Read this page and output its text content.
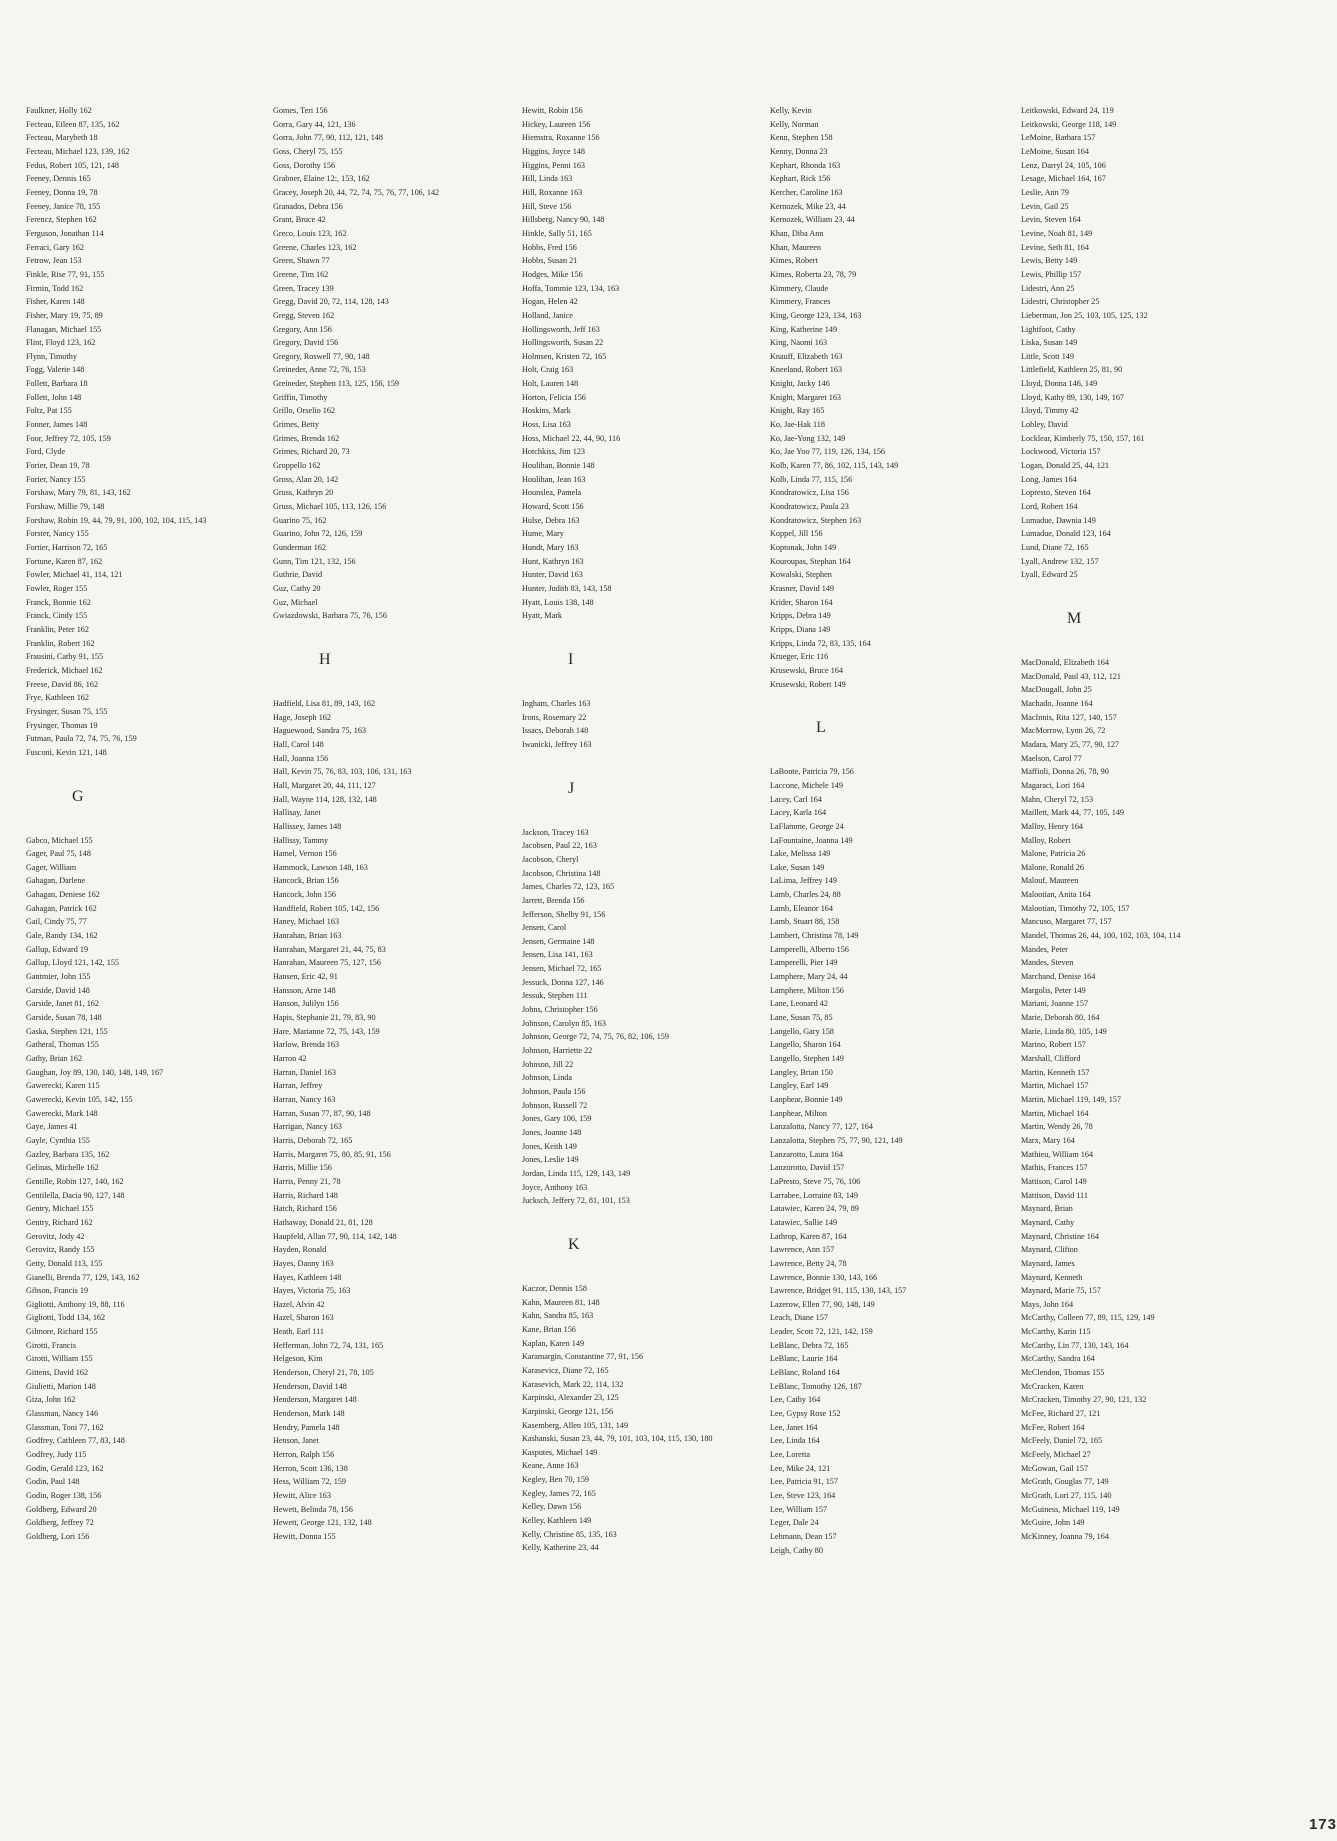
Faulkner, Holly 162
Fecteau, Eileen 87, 135, 162
Fecteau, Marybeth 18
Fecteau, Michael 123, 139, 162
Fedus, Robert 105, 121, 148
Feeney, Dennis 165
Feeney, Donna 19, 78
Feeney, Janice 78, 155
Ferencz, Stephen 162
Ferguson, Jonathan 114
Ferraci, Gary 162
Fetrow, Jean 153
Finkle, Rise 77, 91, 155
Firmin, Todd 162
Fisher, Karen 148
Fisher, Mary 19, 75, 89
Flanagan, Michael 155
Flint, Floyd 123, 162
Flynn, Timothy
Fogg, Valerie 148
Follett, Barbara 18
Follett, John 148
Foltz, Pat 155
Fonner, James 148
Foor, Jeffrey 72, 105, 159
Ford, Clyde
Forier, Dean 19, 78
Forier, Nancy 155
Forshaw, Mary 79, 81, 143, 162
Forshaw, Millie 79, 148
Forshaw, Robin 19, 44, 79, 91, 100, 102, 104, 115, 143
Forster, Nancy 155
Fortier, Harrison 72, 165
Fortune, Karen 87, 162
Fowler, Michael 41, 114, 121
Fowler, Roger 155
Franck, Bonnie 162
Franck, Cindy 155
Franklin, Peter 162
Franklin, Robert 162
Frausini, Cathy 91, 155
Frederick, Michael 162
Freese, David 86, 162
Frye, Kathleen 162
Frysinger, Susan 75, 155
Frysinger, Thomas 19
Futman, Paula 72, 74, 75, 76, 159
Fusconi, Kevin 121, 148
G
Gabco, Michael 155
Gager, Paul 75, 148
Gager, William
Gahagan, Darlene
Gahagan, Deniese 162
Gahagan, Patrick 162
Gail, Cindy 75, 77
Gale, Randy 134, 162
Gallup, Edward 19
Gallup, Lloyd 121, 142, 155
Gantmier, John 155
Garside, David 148
Garside, Janet 81, 162
Garside, Susan 78, 148
Gaska, Stephen 121, 155
Gatheral, Thomas 155
Gathy, Brian 162
Gaughan, Joy 89, 130, 140, 148, 149, 167
Gawerecki, Karen 115
Gawerecki, Kevin 105, 142, 155
Gawerecki, Mark 148
Gaye, James 41
Gayle, Cynthia 155
Gazley, Barbara 135, 162
Gelinas, Michelle 162
Gentille, Robin 127, 140, 162
Gentilella, Dacia 90, 127, 148
Gentry, Michael 155
Gentry, Richard 162
Gerovitz, Jody 42
Gerovitz, Randy 155
Getty, Donald 113, 155
Gianelli, Brenda 77, 129, 143, 162
Gibson, Francis 19
Gigliotti, Anthony 19, 88, 116
Gigliotti, Todd 134, 162
Gilmore, Richard 155
Girotti, Francis
Girotti, William 155
Gittens, David 162
Giulietti, Marion 148
Giza, John 162
Glassman, Nancy 146
Glassman, Toni 77, 162
Godfrey, Cathleen 77, 83, 148
Godfrey, Judy 115
Godin, Gerald 123, 162
Godin, Paul 148
Godin, Roger 138, 156
Goldberg, Edward 20
Goldberg, Jeffrey 72
Goldberg, Lori 156
Gomes, Teri 156
Gorra, Gary 44, 121, 136
Gorra, John 77, 90, 112, 121, 148
Goss, Cheryl 75, 155
Goss, Dorothy 156
Grabner, Elaine 12:, 153, 162
Gracey, Joseph 20, 44, 72, 74, 75, 76, 77, 106, 142
Granados, Debra 156
Grant, Bruce 42
Greco, Louis 123, 162
Greene, Charles 123, 162
Green, Shawn 77
Greene, Tim 162
Green, Tracey 139
Gregg, David 20, 72, 114, 128, 143
Gregg, Steven 162
Gregory, Ann 156
Gregory, David 156
Gregory, Roswell 77, 90, 148
Greineder, Anne 72, 76, 153
Greineder, Stephen 113, 125, 156, 159
Griffin, Timothy
Grillo, Orselio 162
Grimes, Betty
Grimes, Brenda 162
Grimes, Richard 20, 73
Groppello 162
Gross, Alan 20, 142
Gruss, Kathryn 20
Gruss, Michael 105, 113, 126, 156
Guarino 75, 162
Guarino, John 72, 126, 159
Gunderman 162
Gunn, Tim 121, 132, 156
Guthrie, David
Guz, Cathy 20
Guz, Michael
Gwiazdowski, Barbara 75, 76, 156
H
Hadfield, Lisa 81, 89, 143, 162
Hage, Joseph 162
Haguewood, Sandra 75, 163
Hall, Carol 148
Hall, Joanna 156
Hall, Kevin 75, 76, 83, 103, 106, 131, 163
Hall, Margaret 20, 44, 111, 127
Hall, Wayne 114, 128, 132, 148
Hallisay, Janet
Hallissey, James 148
Hallissy, Tammy
Hamel, Vernon 156
Hammock, Lawson 148, 163
Hancock, Brian 156
Hancock, John 156
Handfield, Robert 105, 142, 156
Haney, Michael 163
Hanrahan, Brian 163
Hanrahan, Margaret 21, 44, 75, 83
Hanrahan, Maureen 75, 127, 156
Hansen, Eric 42, 91
Hansson, Arne 148
Hanson, Julilyn 156
Hapis, Stephanie 21, 79, 83, 90
Hare, Marianne 72, 75, 143, 159
Harlow, Brenda 163
Harron 42
Harran, Daniel 163
Harran, Jeffrey
Harran, Nancy 163
Harran, Susan 77, 87, 90, 148
Harrigan, Nancy 163
Harris, Deborah 72, 165
Harris, Margaret 75, 80, 85, 91, 156
Harris, Millie 156
Harris, Penny 21, 78
Harris, Richard 148
Hatch, Richard 156
Hathaway, Donald 21, 81, 128
Haupfeld, Allan 77, 90, 114, 142, 148
Hayden, Ronald
Hayes, Danny 163
Hayes, Kathleen 148
Hayes, Victoria 75, 163
Hazel, Alvin 42
Hazel, Sharon 163
Heath, Earl 111
Hefferman, John 72, 74, 131, 165
Helgeson, Kim
Henderson, Cheryl 21, 78, 105
Henderson, David 148
Henderson, Margaret 148
Henderson, Mark 148
Hendry, Pamela 148
Henson, Janet
Herron, Ralph 156
Herron, Scott 136, 138
Hess, William 72, 159
Hewitt, Alice 163
Hewett, Belinda 78, 156
Hewett, George 121, 132, 148
Hewitt, Donna 155
Hewitt, Robin 156
Hickey, Laureen 156
Hiemstra, Roxanne 156
Higgins, Joyce 148
Higgins, Penni 163
Hill, Linda 163
Hill, Roxanne 163
Hill, Steve 156
Hillsberg, Nancy 90, 148
Hinkle, Sally 51, 165
Hobbs, Fred 156
Hobbs, Susan 21
Hodges, Mike 156
Hoffa, Tommie 123, 134, 163
Hogan, Helen 42
Holland, Janice
Hollingsworth, Jeff 163
Hollingsworth, Susan 22
Holmsen, Kristen 72, 165
Holt, Craig 163
Holt, Lauren 148
Horton, Felicia 156
Hoskins, Mark
Hoss, Lisa 163
Hoss, Michael 22, 44, 90, 116
Hotchkiss, Jim 123
Houlihan, Bonnie 148
Houlihan, Jean 163
Hounslea, Pamela
Howard, Scott 156
Hulse, Debra 163
Hume, Mary
Hundt, Mary 163
Hunt, Kathryn 163
Hunter, David 163
Hunter, Judith 83, 143, 158
Hyatt, Louis 138, 148
Hyatt, Mark
I
Ingham, Charles 163
Irons, Rosemary 22
Issacs, Deborah 148
Iwanicki, Jeffrey 163
J
Jackson, Tracey 163
Jacobsen, Paul 22, 163
Jacobson, Cheryl
Jacobson, Christina 148
James, Charles 72, 123, 165
Jarrett, Brenda 156
Jefferson, Shelby 91, 156
Jensen, Carol
Jensen, Germaine 148
Jensen, Lisa 141, 163
Jensen, Michael 72, 165
Jessuck, Donna 127, 146
Jessuk, Stephen 111
Johns, Christopher 156
Johnson, Carolyn 85, 163
Johnson, George 72, 74, 75, 76, 82, 106, 159
Johnson, Harriette 22
Johnson, Jill 22
Johnson, Linda
Johnson, Paula 156
Johnson, Russell 72
Jones, Gary 106, 159
Jones, Joanne 148
Jones, Keith 149
Jones, Leslie 149
Jordan, Linda 115, 129, 143, 149
Joyce, Anthony 163
Jucksch, Jeffery 72, 81, 101, 153
K
Kaczor, Dennis 158
Kahn, Maureen 81, 148
Kahn, Sandra 85, 163
Kane, Brian 156
Kaplan, Karen 149
Karamargin, Constantine 77, 91, 156
Karasevicz, Diane 72, 165
Karasevich, Mark 22, 114, 132
Karpinski, Alexander 23, 125
Karpinski, George 121, 156
Kasemberg, Allen 105, 131, 149
Kashanski, Susan 23, 44, 79, 101, 103, 104, 115, 130, 180
Kasputes, Michael 149
Keane, Anne 163
Kegley, Ben 70, 159
Kegley, James 72, 165
Kelley, Dawn 156
Kelley, Kathleen 149
Kelly, Christine 85, 135, 163
Kelly, Katherine 23, 44
Kelly, Kevin
Kelly, Norman
Kenn, Stephen 158
Kenny, Donna 23
Kephart, Rhonda 163
Kephart, Rick 156
Kercher, Caroline 163
Kernozek, Mike 23, 44
Kernozek, William 23, 44
Khan, Diba Ann
Khan, Maureen
Kimes, Robert
Kimes, Roberta 23, 78, 79
Kimmery, Claude
Kimmery, Frances
King, George 123, 134, 163
King, Katherine 149
King, Naomi 163
Knauff, Elizabeth 163
Kneeland, Robert 163
Knight, Jacky 146
Knight, Margaret 163
Knight, Ray 165
Ko, Jae-Hak 118
Ko, Jae-Yong 132, 149
Ko, Jae Yoo 77, 119, 126, 134, 156
Kolb, Karen 77, 86, 102, 115, 143, 149
Kolb, Linda 77, 115, 156
Kondratowicz, Lisa 156
Kondratowicz, Paula 23
Kondratowicz, Stephen 163
Koppel, Jill 156
Koptonak, John 149
Kouroupas, Stephan 164
Kowalski, Stephen
Krasner, David 149
Krider, Sharon 164
Kripps, Debra 149
Kripps, Diana 149
Kripps, Linda 72, 83, 135, 164
Krueger, Eric 116
Krusewski, Bruce 164
Krusewski, Robert 149
L
LaBonte, Patricia 79, 156
Laccone, Michele 149
Lacey, Carl 164
Lacey, Karla 164
LaFlamme, George 24
LaFountaine, Joanna 149
Lake, Melissa 149
Lake, Susan 149
LaLima, Jeffrey 149
Lamb, Charles 24, 88
Lamb, Eleanor 164
Lamb, Stuart 88, 158
Lambert, Christina 78, 149
Lamperelli, Alberto 156
Lamperelli, Pier 149
Lamphere, Mary 24, 44
Lamphere, Milton 156
Lane, Leonard 42
Lane, Susan 75, 85
Langello, Gary 158
Langello, Sharon 164
Langello, Stephen 149
Langley, Brian 150
Langley, Earl 149
Lanphear, Bonnie 149
Lanphear, Milton
Lanzalotta, Nancy 77, 127, 164
Lanzalotta, Stephen 75, 77, 90, 121, 149
Lanzarotto, Laura 164
Lanzorotto, David 157
LaPresto, Steve 75, 76, 106
Larrabee, Lorraine 83, 149
Latawiec, Karen 24, 79, 89
Latawiec, Sallie 149
Lathrop, Karen 87, 164
Lawrence, Ann 157
Lawrence, Betty 24, 78
Lawrence, Bonnie 130, 143, 166
Lawrence, Bridget 91, 115, 130, 143, 157
Lazerow, Ellen 77, 90, 148, 149
Leach, Diane 157
Leader, Scott 72, 121, 142, 159
LeBlanc, Debra 72, 165
LeBlanc, Laurie 164
LeBlanc, Roland 164
LeBlanc, Tomothy 126, 187
Lee, Cathy 164
Lee, Gypsy Rose 152
Lee, Janet 164
Lee, Linda 164
Lee, Loretta
Lee, Mike 24, 121
Lee, Patricia 91, 157
Lee, Steve 123, 164
Lee, William 157
Leger, Dale 24
Lehmann, Dean 157
Leigh, Cathy 80
Leitkowski, Edward 24, 119
Leitkowski, George 118, 149
LeMoine, Barbara 157
LeMoine, Susan 164
Lenz, Darryl 24, 105, 106
Lesage, Michael 164, 167
Leslie, Ann 79
Levin, Gail 25
Levin, Steven 164
Levine, Noah 81, 149
Levine, Seth 81, 164
Lewis, Betty 149
Lewis, Phillip 157
Lidestri, Ann 25
Lidestri, Christopher 25
Lieberman, Jon 25, 103, 105, 125, 132
Lightfoot, Cathy
Liska, Susan 149
Little, Scott 149
Littlefield, Kathleen 25, 81, 90
Lloyd, Donna 146, 149
Lloyd, Kathy 89, 130, 149, 167
Lloyd, Timmy 42
Lobley, David
Locklear, Kimberly 75, 150, 157, 161
Lockwood, Victoria 157
Logan, Donald 25, 44, 121
Long, James 164
Lopresto, Steven 164
Lord, Robert 164
Lumadue, Dawnia 149
Lumadue, Donald 123, 164
Lund, Diane 72, 165
Lyall, Andrew 132, 157
Lyall, Edward 25
M
MacDonald, Elizabeth 164
MacDonald, Paul 43, 112, 121
MacDougall, John 25
Machado, Joanne 164
MacInnis, Rita 127, 140, 157
MacMorrow, Lynn 26, 72
Madara, Mary 25, 77, 90, 127
Maelson, Carol 77
Maffioli, Donna 26, 78, 90
Magaraci, Lori 164
Mahn, Cheryl 72, 153
Maillett, Mark 44, 77, 105, 149
Malloy, Henry 164
Malloy, Robert
Malone, Patricia 26
Malone, Ronald 26
Malouf, Maureen
Malootian, Anita 164
Malootian, Timothy 72, 105, 157
Mancuso, Margaret 77, 157
Mandel, Thomas 26, 44, 100, 102, 103, 104, 114
Mandes, Peter
Mandes, Steven
Marchand, Denise 164
Margolis, Peter 149
Mariani, Joanne 157
Marie, Deborah 80, 164
Marie, Linda 80, 105, 149
Marino, Robert 157
Marshall, Clifford
Martin, Kenneth 157
Martin, Michael 157
Martin, Michael 119, 149, 157
Martin, Michael 164
Martin, Wendy 26, 78
Marx, Mary 164
Mathieu, William 164
Mathis, Frances 157
Mattison, Carol 149
Mattison, David 111
Maynard, Brian
Maynard, Cathy
Maynard, Christine 164
Maynard, Clifton
Maynard, James
Maynard, Kenneth
Maynard, Marie 75, 157
Mays, John 164
McCarthy, Colleen 77, 89, 115, 129, 149
McCarthy, Karin 115
McCarthy, Lin 77, 130, 143, 164
McCarthy, Sandra 164
McClendon, Thomas 155
McCracken, Karen
McCracken, Timothy 27, 90, 121, 132
McFee, Richard 27, 121
McFee, Robert 164
McFeely, Daniel 72, 165
McFeely, Michael 27
McGowan, Gail 157
McGrath, Gouglas 77, 149
McGrath, Lori 27, 115, 140
McGuiness, Michael 119, 149
McGuire, John 149
McKinney, Joanna 79, 164
173
